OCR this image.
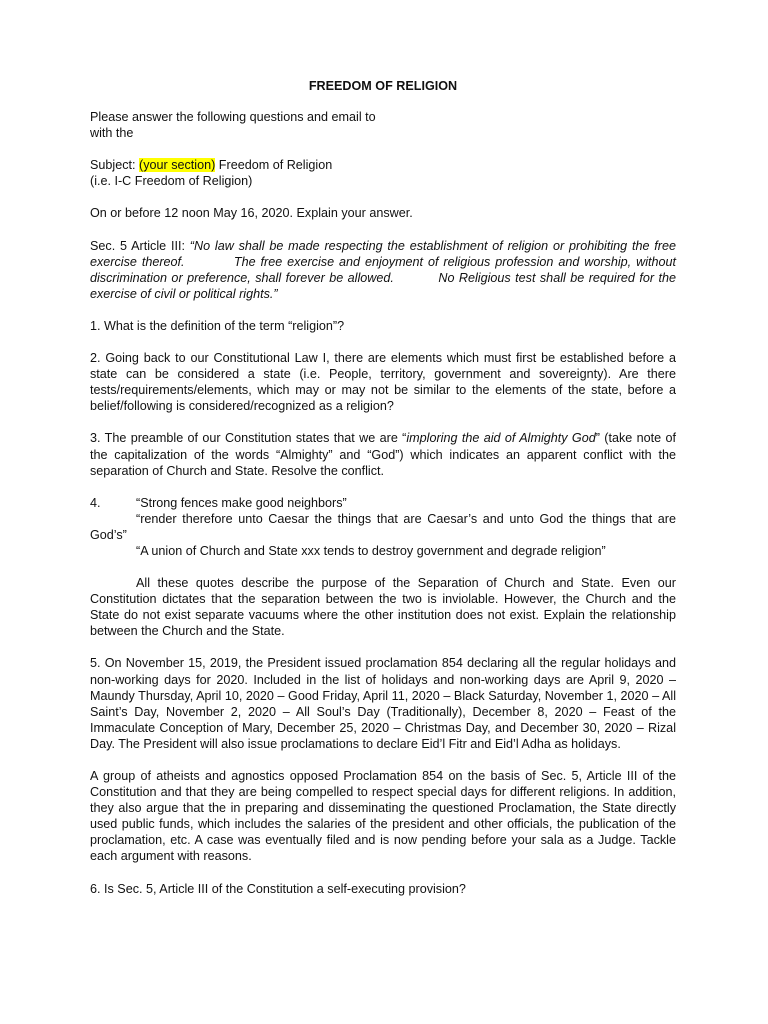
FREEDOM OF RELIGION

Please answer the following questions and email to

with the

Subject: (your section) Freedom of Religion

(i.e. I-C Freedom of Religion)

On or before 12 noon May 16, 2020. Explain your answer.

Sec. 5 Article III: “No law shall be made respecting the establishment of religion or prohibiting the free exercise thereof.          The free exercise and enjoyment of religious profession and worship, without discrimination or preference, shall forever be allowed.          No Religious test shall be required for the exercise of civil or political rights.”

1. What is the definition of the term “religion”?

2. Going back to our Constitutional Law I, there are elements which must first be established before a state can be considered a state (i.e. People, territory, government and sovereignty). Are there tests/requirements/elements, which may or may not be similar to the elements of the state, before a belief/following is considered/recognized as a religion?

3. The preamble of our Constitution states that we are “imploring the aid of Almighty God” (take note of the capitalization of the words “Almighty” and “God”) which indicates an apparent conflict with the separation of Church and State. Resolve the conflict.

4.	“Strong fences make good neighbors”

“render therefore unto Caesar the things that are Caesar’s and unto God the things that are God’s”

“A union of Church and State xxx tends to destroy government and degrade religion”

All these quotes describe the purpose of the Separation of Church and State. Even our Constitution dictates that the separation between the two is inviolable. However, the Church and the State do not exist separate vacuums where the other institution does not exist. Explain the relationship between the Church and the State.

5. On November 15, 2019, the President issued proclamation 854 declaring all the regular holidays and non-working days for 2020. Included in the list of holidays and non-working days are April 9, 2020 – Maundy Thursday, April 10, 2020 – Good Friday, April 11, 2020 – Black Saturday, November 1, 2020 – All Saint’s Day, November 2, 2020 – All Soul’s Day (Traditionally), December 8, 2020 – Feast of the Immaculate Conception of Mary, December 25, 2020 – Christmas Day, and December 30, 2020 – Rizal Day. The President will also issue proclamations to declare Eid’l Fitr and Eid’l Adha as holidays.

A group of atheists and agnostics opposed Proclamation 854 on the basis of Sec. 5, Article III of the Constitution and that they are being compelled to respect special days for different religions. In addition, they also argue that the in preparing and disseminating the questioned Proclamation, the State directly used public funds, which includes the salaries of the president and other officials, the publication of the proclamation, etc. A case was eventually filed and is now pending before your sala as a Judge. Tackle each argument with reasons.

6. Is Sec. 5, Article III of the Constitution a self-executing provision?
